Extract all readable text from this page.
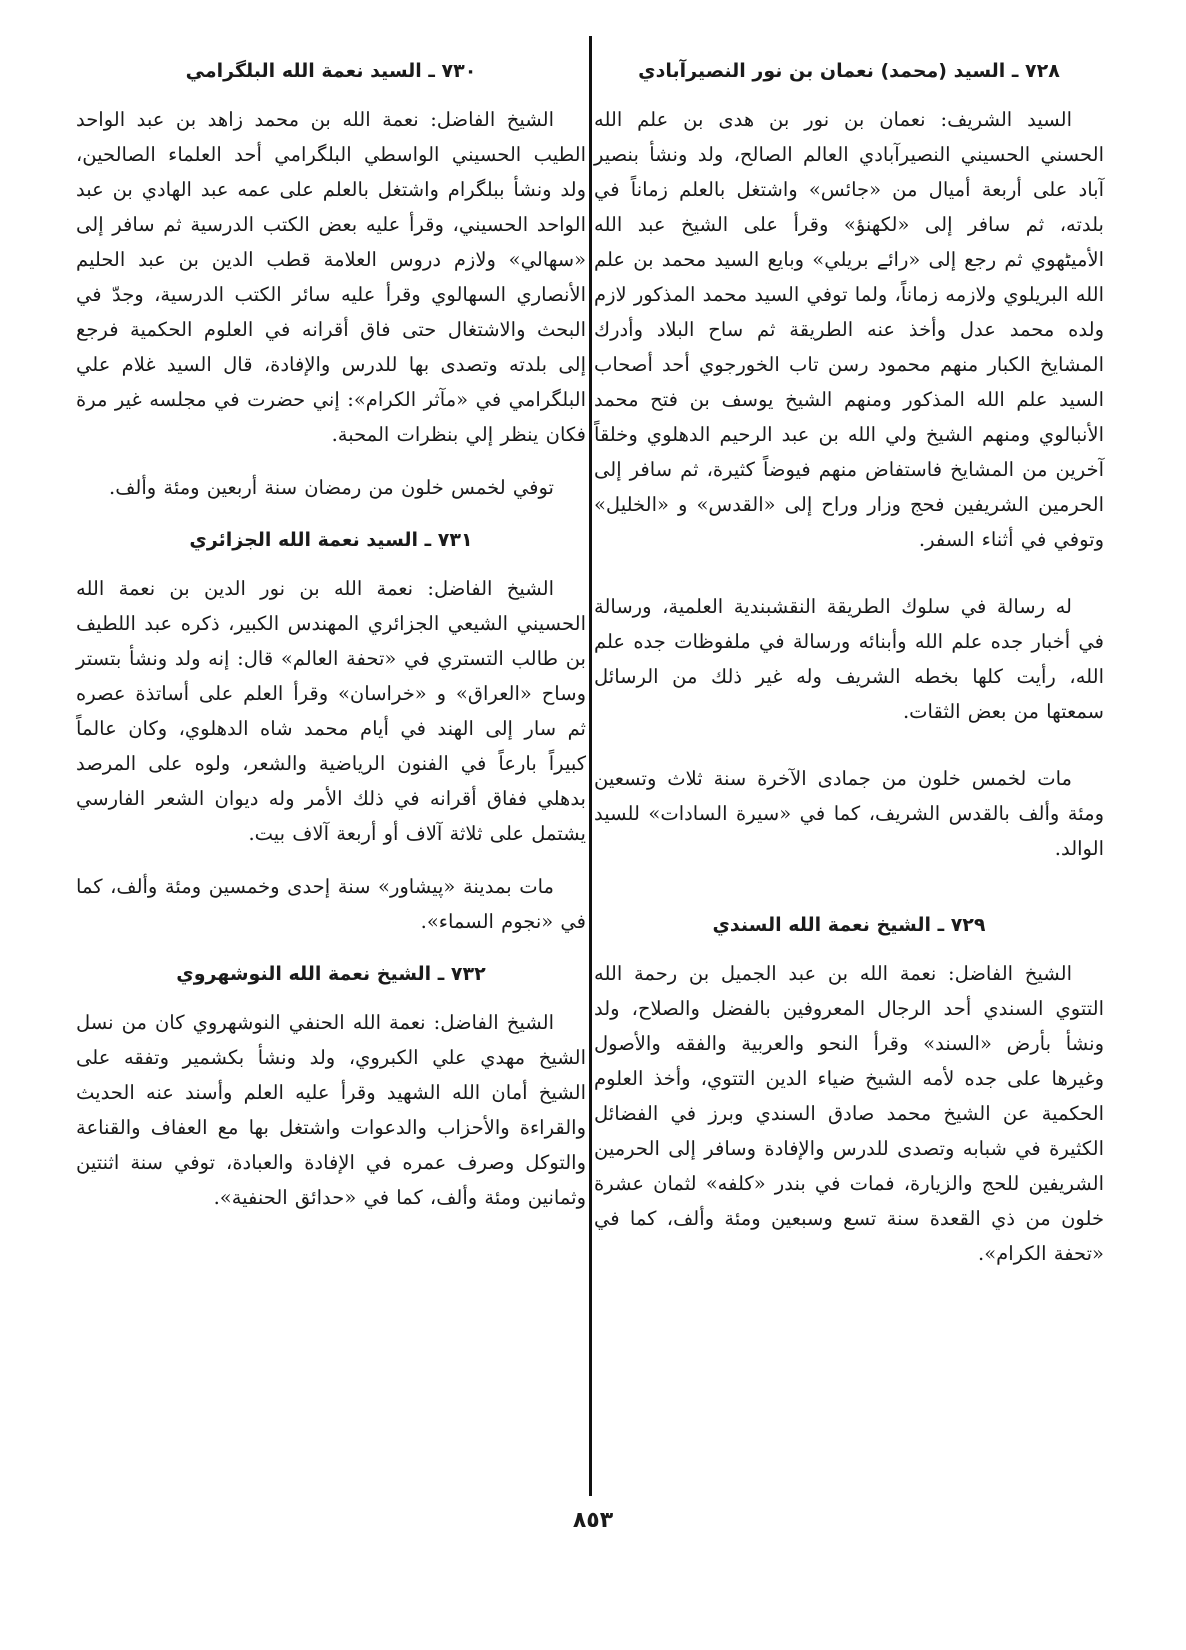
٧٢٨ ـ السيد (محمد) نعمان بن نور النصيرآبادي

السيد الشريف: نعمان بن نور بن هدى بن علم الله الحسني الحسيني النصيرآبادي العالم الصالح، ولد ونشأ بنصير آباد على أربعة أميال من «جائس» واشتغل بالعلم زماناً في بلدته، ثم سافر إلى «لكهنؤ» وقرأ على الشيخ عبد الله الأميڻهوي ثم رجع إلى «رائے بريلي» وبايع السيد محمد بن علم الله البريلوي ولازمه زماناً، ولما توفي السيد محمد المذكور لازم ولده محمد عدل وأخذ عنه الطريقة ثم ساح البلاد وأدرك المشايخ الكبار منهم محمود رسن تاب الخورجوي أحد أصحاب السيد علم الله المذكور ومنهم الشيخ يوسف بن فتح محمد الأنبالوي ومنهم الشيخ ولي الله بن عبد الرحيم الدهلوي وخلقاً آخرين من المشايخ فاستفاض منهم فيوضاً كثيرة، ثم سافر إلى الحرمين الشريفين فحج وزار وراح إلى «القدس» و «الخليل» وتوفي في أثناء السفر.

له رسالة في سلوك الطريقة النقشبندية العلمية، ورسالة في أخبار جده علم الله وأبنائه ورسالة في ملفوظات جده علم الله، رأيت كلها بخطه الشريف وله غير ذلك من الرسائل سمعتها من بعض الثقات.

مات لخمس خلون من جمادى الآخرة سنة ثلاث وتسعين ومئة وألف بالقدس الشريف، كما في «سيرة السادات» للسيد الوالد.

٧٢٩ ـ الشيخ نعمة الله السندي

الشيخ الفاضل: نعمة الله بن عبد الجميل بن رحمة الله التتوي السندي أحد الرجال المعروفين بالفضل والصلاح، ولد ونشأ بأرض «السند» وقرأ النحو والعربية والفقه والأصول وغيرها على جده لأمه الشيخ ضياء الدين التتوي، وأخذ العلوم الحكمية عن الشيخ محمد صادق السندي وبرز في الفضائل الكثيرة في شبابه وتصدى للدرس والإفادة وسافر إلى الحرمين الشريفين للحج والزيارة، فمات في بندر «كلفه» لثمان عشرة خلون من ذي القعدة سنة تسع وسبعين ومئة وألف، كما في «تحفة الكرام».

٧٣٠ ـ السيد نعمة الله البلگرامي

الشيخ الفاضل: نعمة الله بن محمد زاهد بن عبد الواحد الطيب الحسيني الواسطي البلگرامي أحد العلماء الصالحين، ولد ونشأ ببلگرام واشتغل بالعلم على عمه عبد الهادي بن عبد الواحد الحسيني، وقرأ عليه بعض الكتب الدرسية ثم سافر إلى «سهالي» ولازم دروس العلامة قطب الدين بن عبد الحليم الأنصاري السهالوي وقرأ عليه سائر الكتب الدرسية، وجدّ في البحث والاشتغال حتى فاق أقرانه في العلوم الحكمية فرجع إلى بلدته وتصدى بها للدرس والإفادة، قال السيد غلام علي البلگرامي في «مآثر الكرام»: إني حضرت في مجلسه غير مرة فكان ينظر إلي بنظرات المحبة.

توفي لخمس خلون من رمضان سنة أربعين ومئة وألف.

٧٣١ ـ السيد نعمة الله الجزائري

الشيخ الفاضل: نعمة الله بن نور الدين بن نعمة الله الحسيني الشيعي الجزائري المهندس الكبير، ذكره عبد اللطيف بن طالب التستري في «تحفة العالم» قال: إنه ولد ونشأ بتستر وساح «العراق» و «خراسان» وقرأ العلم على أساتذة عصره ثم سار إلى الهند في أيام محمد شاه الدهلوي، وكان عالماً كبيراً بارعاً في الفنون الرياضية والشعر، ولوه على المرصد بدهلي ففاق أقرانه في ذلك الأمر وله ديوان الشعر الفارسي يشتمل على ثلاثة آلاف أو أربعة آلاف بيت.

مات بمدينة «پيشاور» سنة إحدى وخمسين ومئة وألف، كما في «نجوم السماء».

٧٣٢ ـ الشيخ نعمة الله النوشهروي

الشيخ الفاضل: نعمة الله الحنفي النوشهروي كان من نسل الشيخ مهدي علي الكبروي، ولد ونشأ بكشمير وتفقه على الشيخ أمان الله الشهيد وقرأ عليه العلم وأسند عنه الحديث والقراءة والأحزاب والدعوات واشتغل بها مع العفاف والقناعة والتوكل وصرف عمره في الإفادة والعبادة، توفي سنة اثنتين وثمانين ومئة وألف، كما في «حدائق الحنفية».

٨٥٣
